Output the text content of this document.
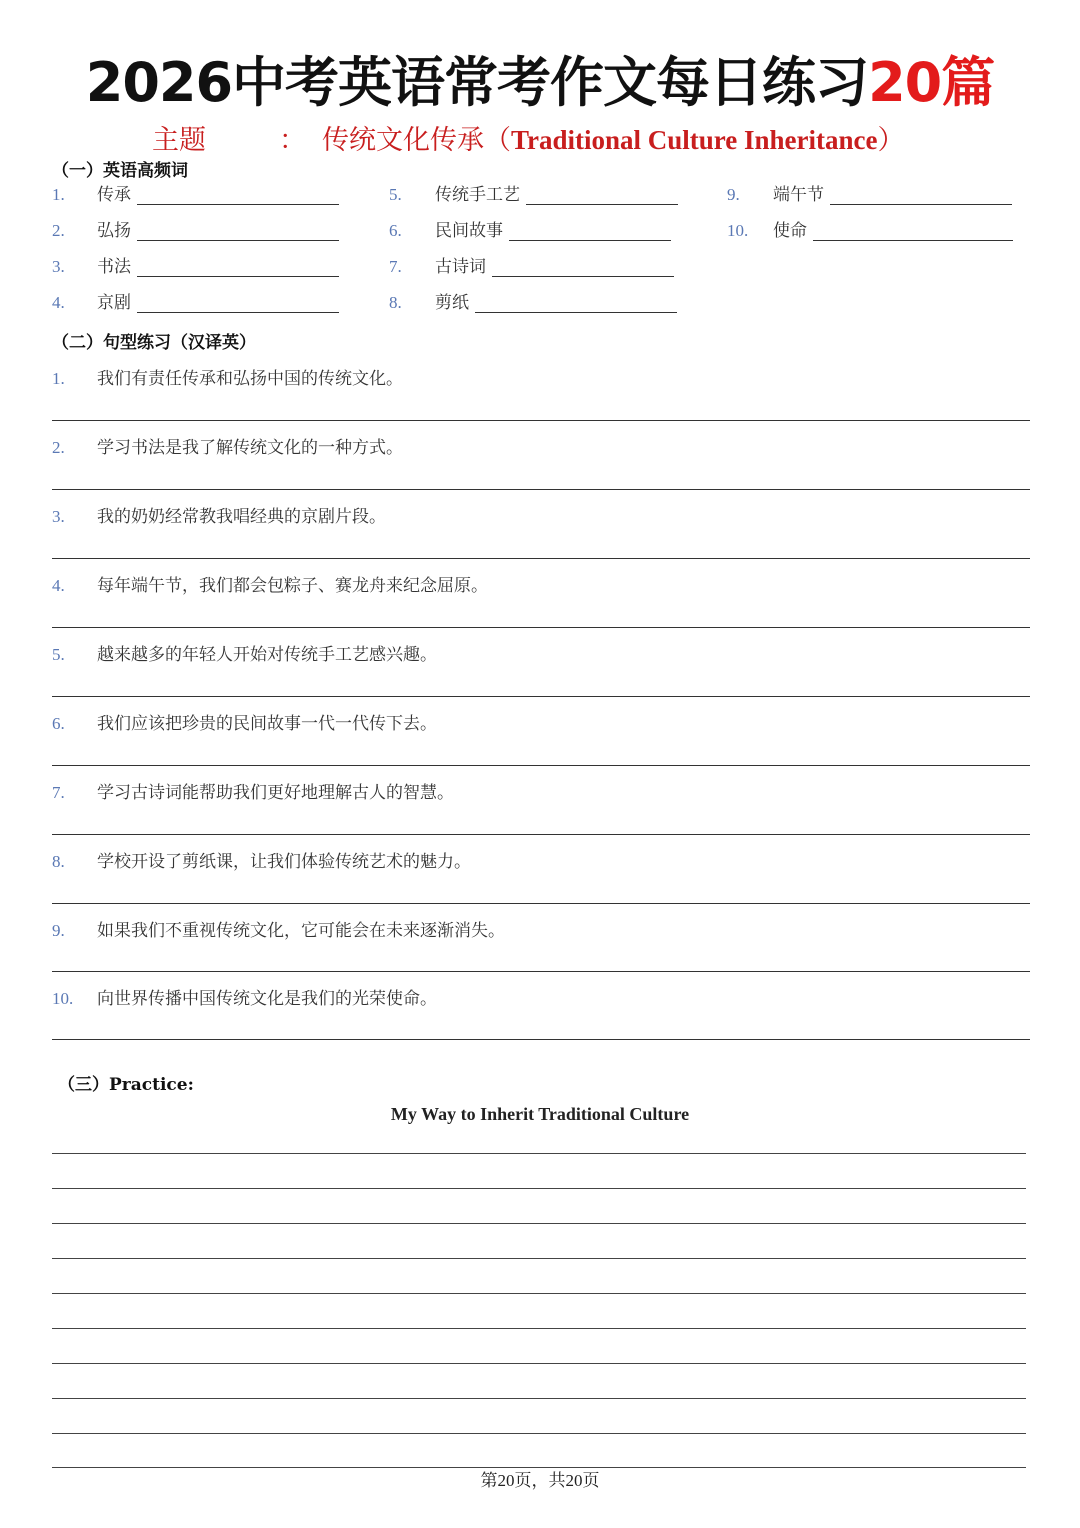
2026中考英语常考作文每日练习20篇
主题	： 传统文化传承（Traditional Culture Inheritance）
（一）英语高频词
1. 传承
2. 弘扬
3. 书法
4. 京剧
5. 传统手工艺
6. 民间故事
7. 古诗词
8. 剪纸
9. 端午节
10. 使命
（二）句型练习（汉译英）
1. 我们有责任传承和弘扬中国的传统文化。
2. 学习书法是我了解传统文化的一种方式。
3. 我的奶奶经常教我唱经典的京剧片段。
4. 每年端午节，我们都会包粽子、赛龙舟来纪念屈原。
5. 越来越多的年轻人开始对传统手工艺感兴趣。
6. 我们应该把珍贵的民间故事一代一代传下去。
7. 学习古诗词能帮助我们更好地理解古人的智慧。
8. 学校开设了剪纸课，让我们体验传统艺术的魅力。
9. 如果我们不重视传统文化，它可能会在未来逐渐消失。
10. 向世界传播中国传统文化是我们的光荣使命。
（三）Practice:
My Way to Inherit Traditional Culture
第20页，共20页
